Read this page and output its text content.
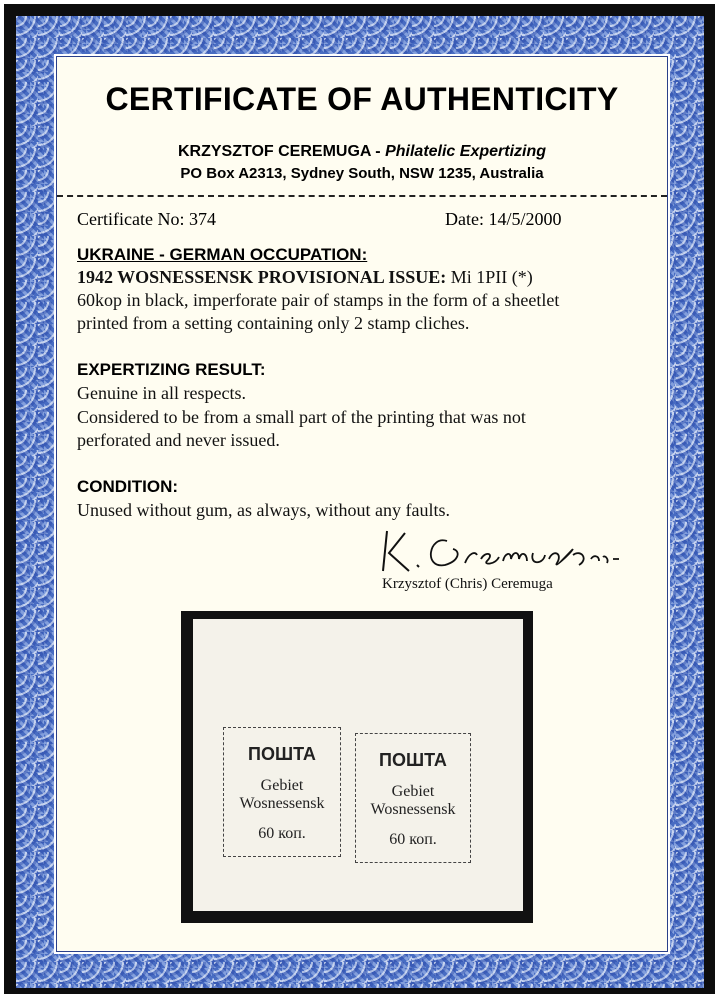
CERTIFICATE OF AUTHENTICITY
KRZYSZTOF CEREMUGA - Philatelic Expertizing
PO Box A2313, Sydney South, NSW 1235, Australia
Certificate No: 374	Date: 14/5/2000
UKRAINE - GERMAN OCCUPATION:
1942 WOSNESSENSK PROVISIONAL ISSUE: Mi 1PII (*)
60kop in black, imperforate pair of stamps in the form of a sheetlet
printed from a setting containing only 2 stamp cliches.
EXPERTIZING RESULT:
Genuine in all respects.
Considered to be from a small part of the printing that was not
perforated and never issued.
CONDITION:
Unused without gum, as always, without any faults.
Krzysztof (Chris) Ceremuga
ПОШТА
Gebiet
Wosnessensk
60 коп.
ПОШТА
Gebiet
Wosnessensk
60 коп.
